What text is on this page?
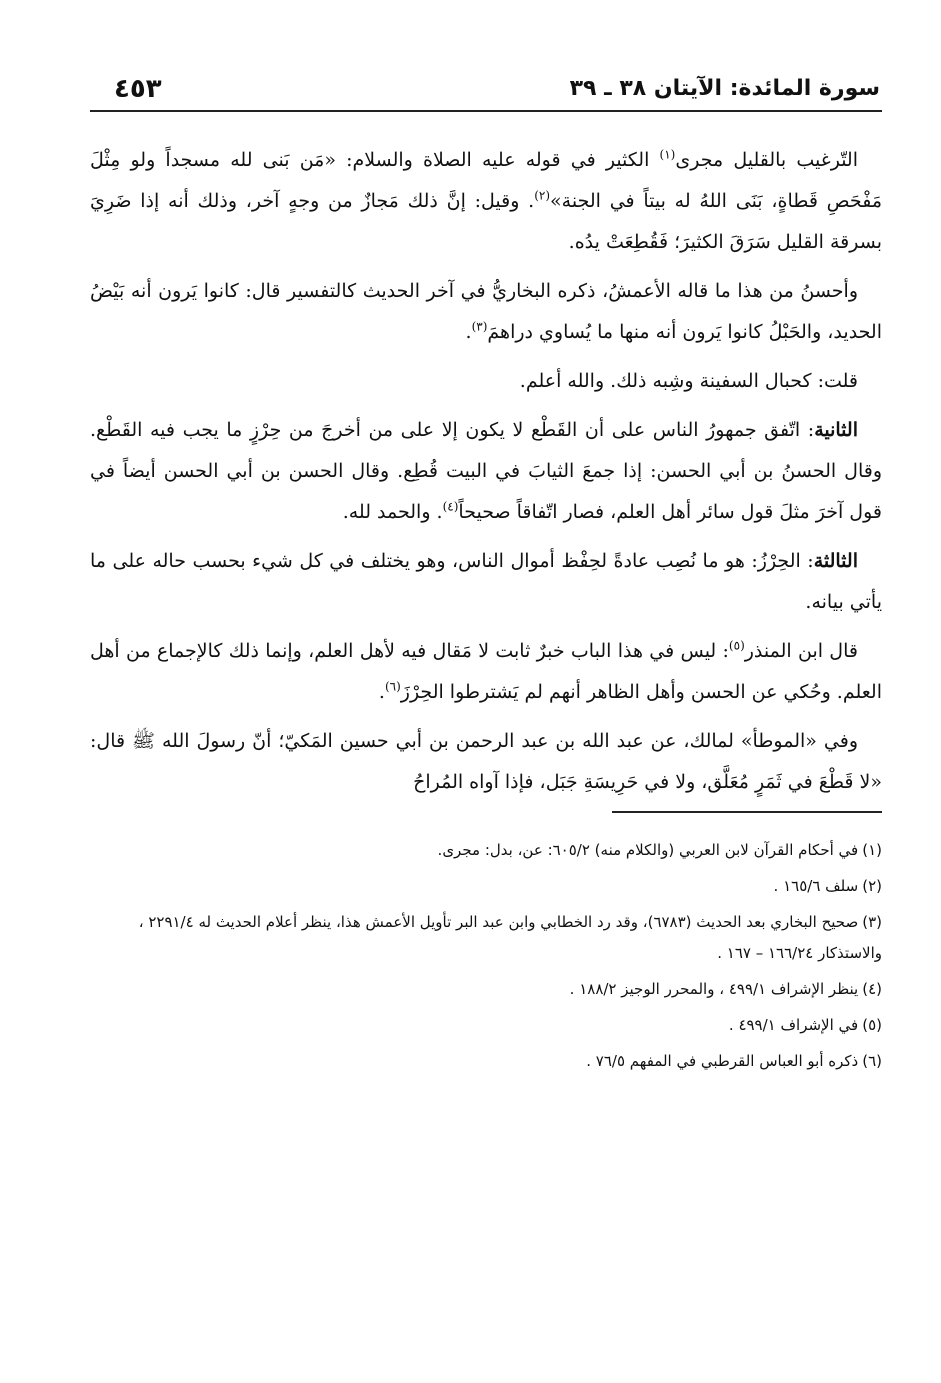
سورة المائدة: الآيتان ٣٨ ـ ٣٩
٤٥٣

التّرغيب بالقليل مجرى$^{(١)}$ الكثير في قوله عليه الصلاة والسلام: «مَن بَنى لله مسجداً ولو مِثْلَ مَفْحَصِ قَطاةٍ، بَنَى اللهُ له بيتاً في الجنة»$^{(٢)}$. وقيل: إنَّ ذلك مَجازٌ من وجهٍ آخر، وذلك أنه إذا ضَرِيَ بسرقة القليل سَرَقَ الكثيرَ؛ فَقُطِعَتْ يدُه.

وأحسنُ من هذا ما قاله الأعمشُ، ذكره البخاريُّ في آخر الحديث كالتفسير قال: كانوا يَرون أنه بَيْضُ الحديد، والحَبْلُ كانوا يَرون أنه منها ما يُساوي دراهمَ$^{(٣)}$.

قلت: كحبال السفينة وشِبه ذلك. والله أعلم.

الثانية: اتّفق جمهورُ الناس على أن القَطْع لا يكون إلا على من أخرجَ من حِرْزٍ ما يجب فيه القَطْع. وقال الحسنُ بن أبي الحسن: إذا جمعَ الثيابَ في البيت قُطِع. وقال الحسن بن أبي الحسن أيضاً في قول آخرَ مثلَ قول سائر أهل العلم، فصار اتّفاقاً صحيحاً$^{(٤)}$. والحمد لله.

الثالثة: الحِرْزُ: هو ما نُصِب عادةً لحِفْظ أموال الناس، وهو يختلف في كل شيء بحسب حاله على ما يأتي بيانه.

قال ابن المنذر$^{(٥)}$: ليس في هذا الباب خبرٌ ثابت لا مَقال فيه لأهل العلم، وإنما ذلك كالإجماع من أهل العلم. وحُكي عن الحسن وأهل الظاهر أنهم لم يَشترطوا الحِرْزَ$^{(٦)}$.

وفي «الموطأ» لمالك، عن عبد الله بن عبد الرحمن بن أبي حسين المَكيّ؛ أنّ رسولَ الله ﷺ قال: «لا قَطْعَ في ثَمَرٍ مُعَلَّق، ولا في حَرِيسَةِ جَبَل، فإذا آواه المُراحُ

(١)في أحكام القرآن لابن العربي (والكلام منه) ٦٠٥/٢: عن، بدل: مجرى.
(٢)سلف ١٦٥/٦ .
(٣)صحيح البخاري بعد الحديث (٦٧٨٣)، وقد رد الخطابي وابن عبد البر تأويل الأعمش هذا، ينظر أعلام الحديث له ٢٢٩١/٤ ، والاستذكار ١٦٦/٢٤ – ١٦٧ .
(٤)ينظر الإشراف ٤٩٩/١ ، والمحرر الوجيز ١٨٨/٢ .
(٥)في الإشراف ٤٩٩/١ .
(٦)ذكره أبو العباس القرطبي في المفهم ٧٦/٥ .
